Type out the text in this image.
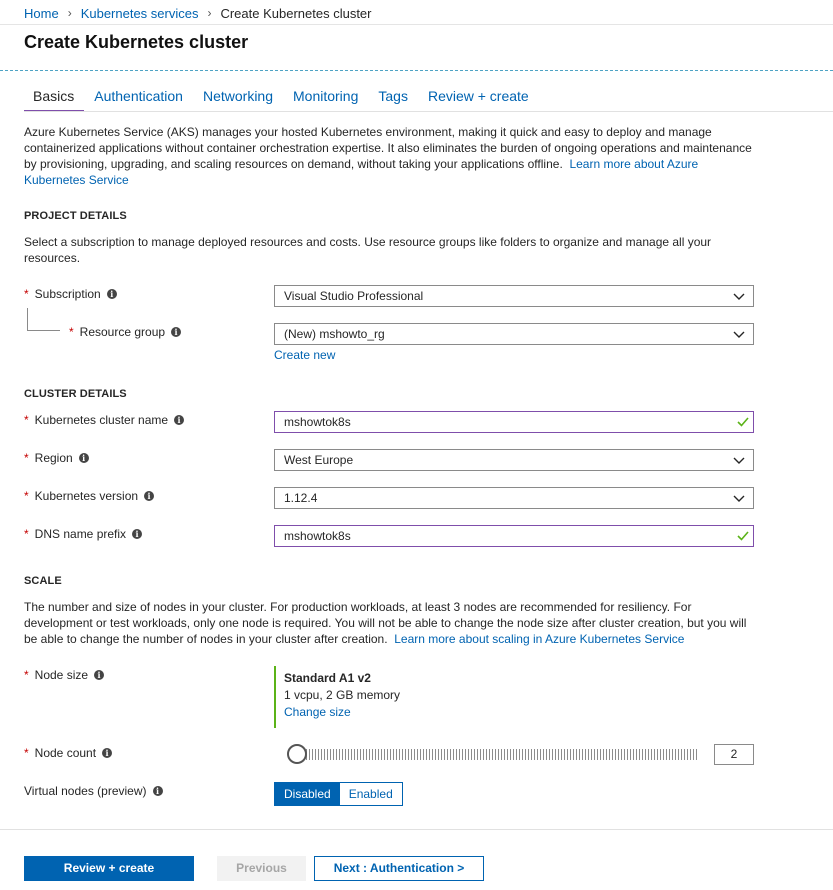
Home › Kubernetes services › Create Kubernetes cluster
Create Kubernetes cluster
Basics	Authentication	Networking	Monitoring	Tags	Review + create
Azure Kubernetes Service (AKS) manages your hosted Kubernetes environment, making it quick and easy to deploy and manage containerized applications without container orchestration expertise. It also eliminates the burden of ongoing operations and maintenance by provisioning, upgrading, and scaling resources on demand, without taking your applications offline. Learn more about Azure Kubernetes Service
PROJECT DETAILS
Select a subscription to manage deployed resources and costs. Use resource groups like folders to organize and manage all your resources.
* Subscription	i	Visual Studio Professional
* Resource group	i	(New) mshowto_rg
Create new
CLUSTER DETAILS
* Kubernetes cluster name	i	mshowtok8s
* Region	i	West Europe
* Kubernetes version	i	1.12.4
* DNS name prefix	i	mshowtok8s
SCALE
The number and size of nodes in your cluster. For production workloads, at least 3 nodes are recommended for resiliency. For development or test workloads, only one node is required. You will not be able to change the node size after cluster creation, but you will be able to change the number of nodes in your cluster after creation. Learn more about scaling in Azure Kubernetes Service
* Node size	i	Standard A1 v2
1 vcpu, 2 GB memory
Change size
* Node count	i	2
Virtual nodes (preview)	i	Disabled	Enabled
Review + create	Previous	Next : Authentication >
